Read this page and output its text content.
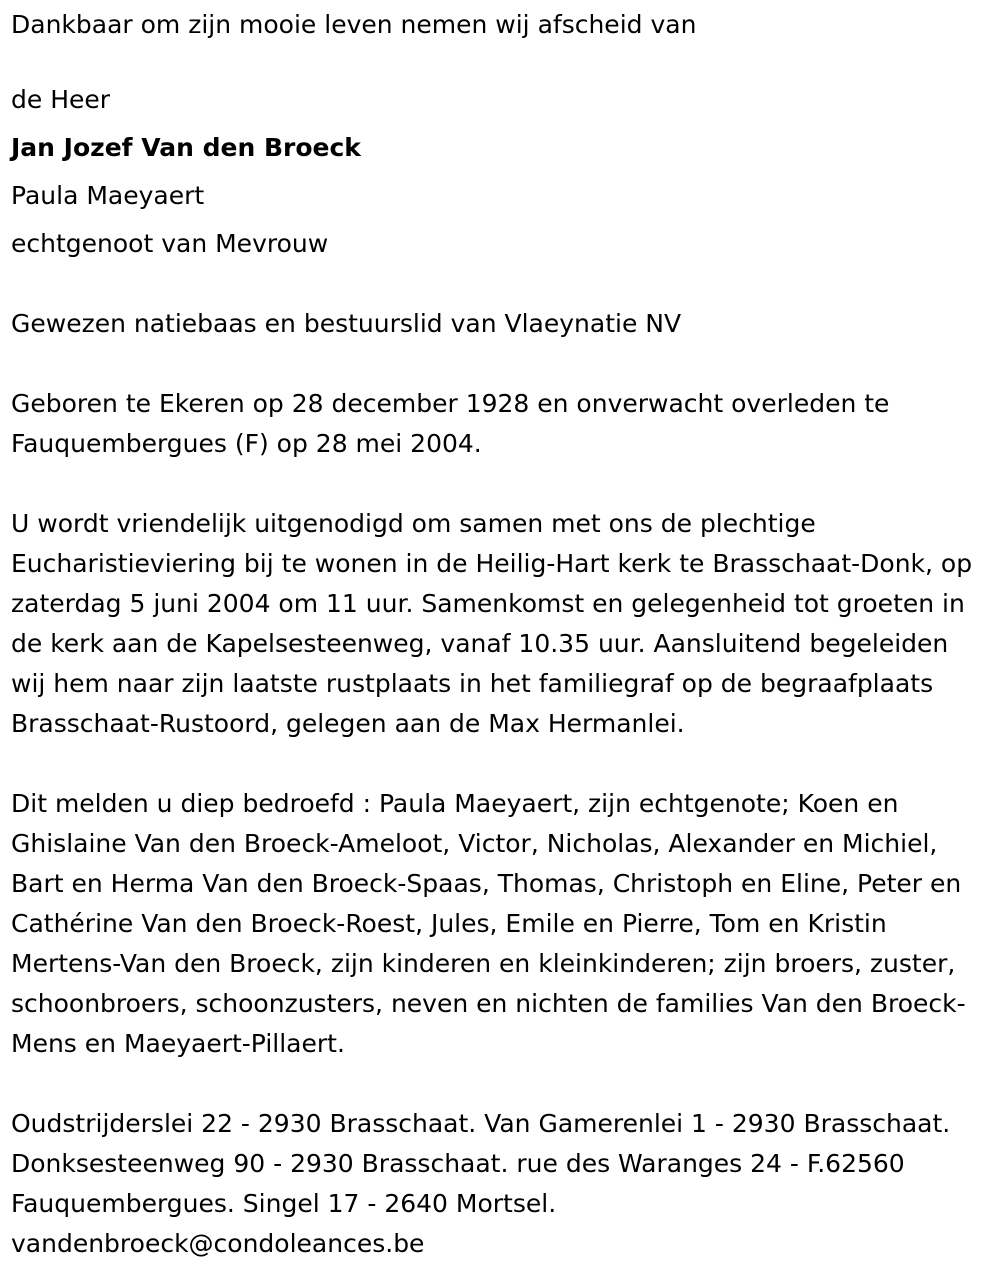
Dankbaar om zijn mooie leven nemen wij afscheid van

de Heer

Jan Jozef Van den Broeck

Paula Maeyaert

echtgenoot van Mevrouw

Gewezen natiebaas en bestuurslid van Vlaeynatie NV

Geboren te Ekeren op 28 december 1928 en onverwacht overleden te Fauquembergues (F) op 28 mei 2004.

U wordt vriendelijk uitgenodigd om samen met ons de plechtige Eucharistieviering bij te wonen in de Heilig-Hart kerk te Brasschaat-Donk, op zaterdag 5 juni 2004 om 11 uur. Samenkomst en gelegenheid tot groeten in de kerk aan de Kapelsesteenweg, vanaf 10.35 uur. Aansluitend begeleiden wij hem naar zijn laatste rustplaats in het familiegraf op de begraafplaats Brasschaat-Rustoord, gelegen aan de Max Hermanlei.

Dit melden u diep bedroefd : Paula Maeyaert, zijn echtgenote; Koen en Ghislaine Van den Broeck-Ameloot, Victor, Nicholas, Alexander en Michiel, Bart en Herma Van den Broeck-Spaas, Thomas, Christoph en Eline, Peter en Cathérine Van den Broeck-Roest, Jules, Emile en Pierre, Tom en Kristin Mertens-Van den Broeck, zijn kinderen en kleinkinderen; zijn broers, zuster, schoonbroers, schoonzusters, neven en nichten de families Van den Broeck-Mens en Maeyaert-Pillaert.

Oudstrijderslei 22 - 2930 Brasschaat. Van Gamerenlei 1 - 2930 Brasschaat. Donksesteenweg 90 - 2930 Brasschaat. rue des Waranges 24 - F.62560 Fauquembergues. Singel 17 - 2640 Mortsel.

vandenbroeck@condoleances.be
